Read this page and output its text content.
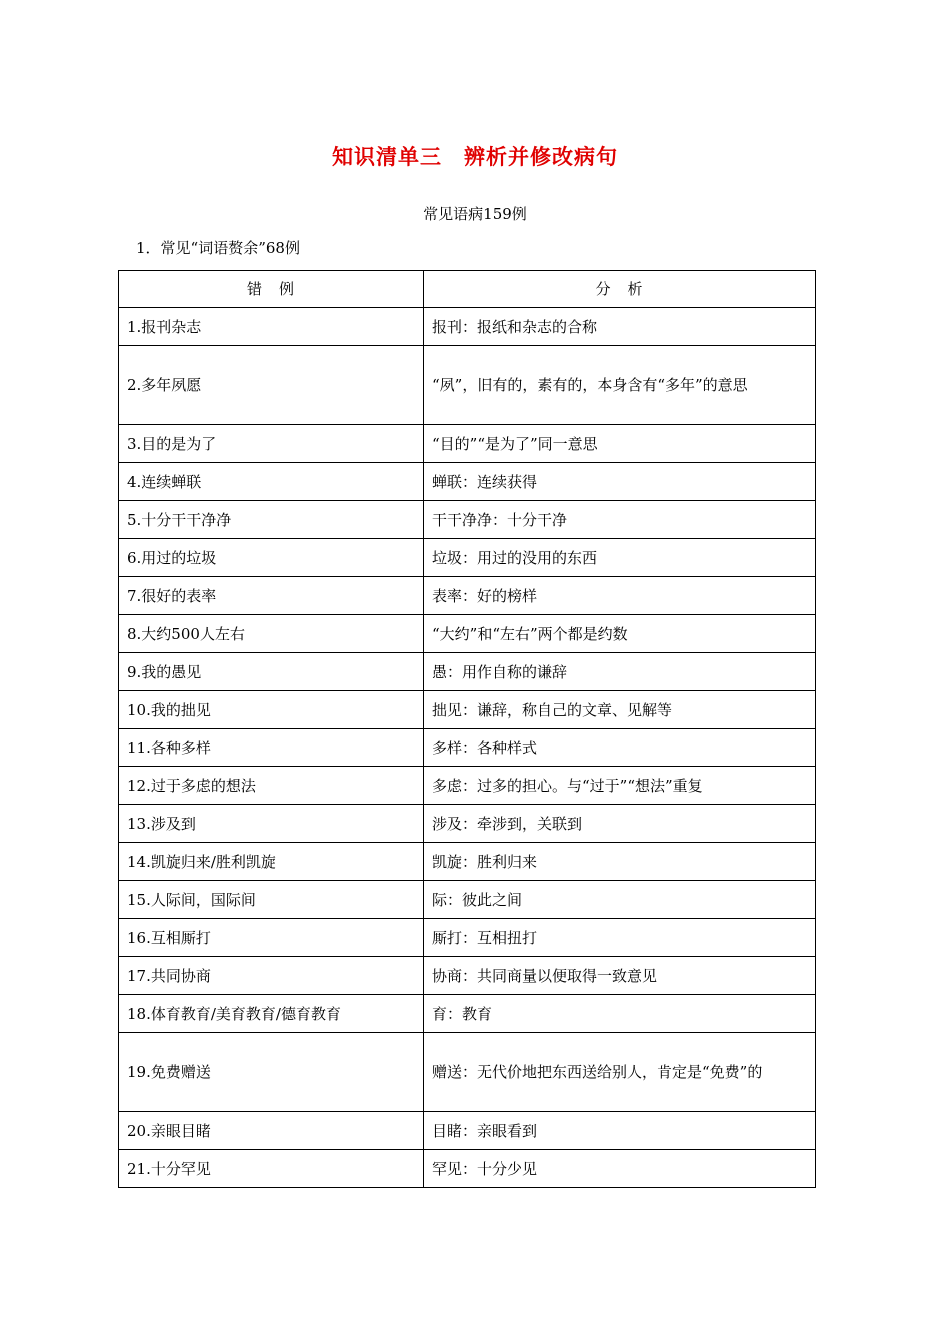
知识清单三 辨析并修改病句
常见语病159例
1．常见“词语赘余”68例
错　例	分　析
1.报刊杂志	报刊：报纸和杂志的合称
2.多年夙愿	“夙”，旧有的，素有的，本身含有“多年”的意思
3.目的是为了	“目的”“是为了”同一意思
4.连续蝉联	蝉联：连续获得
5.十分干干净净	干干净净：十分干净
6.用过的垃圾	垃圾：用过的没用的东西
7.很好的表率	表率：好的榜样
8.大约500人左右	“大约”和“左右”两个都是约数
9.我的愚见	愚：用作自称的谦辞
10.我的拙见	拙见：谦辞，称自己的文章、见解等
11.各种多样	多样：各种样式
12.过于多虑的想法	多虑：过多的担心。与“过于”“想法”重复
13.涉及到	涉及：牵涉到，关联到
14.凯旋归来/胜利凯旋	凯旋：胜利归来
15.人际间，国际间	际：彼此之间
16.互相厮打	厮打：互相扭打
17.共同协商	协商：共同商量以便取得一致意见
18.体育教育/美育教育/德育教育	育：教育
19.免费赠送	赠送：无代价地把东西送给别人，肯定是“免费”的
20.亲眼目睹	目睹：亲眼看到
21.十分罕见	罕见：十分少见
